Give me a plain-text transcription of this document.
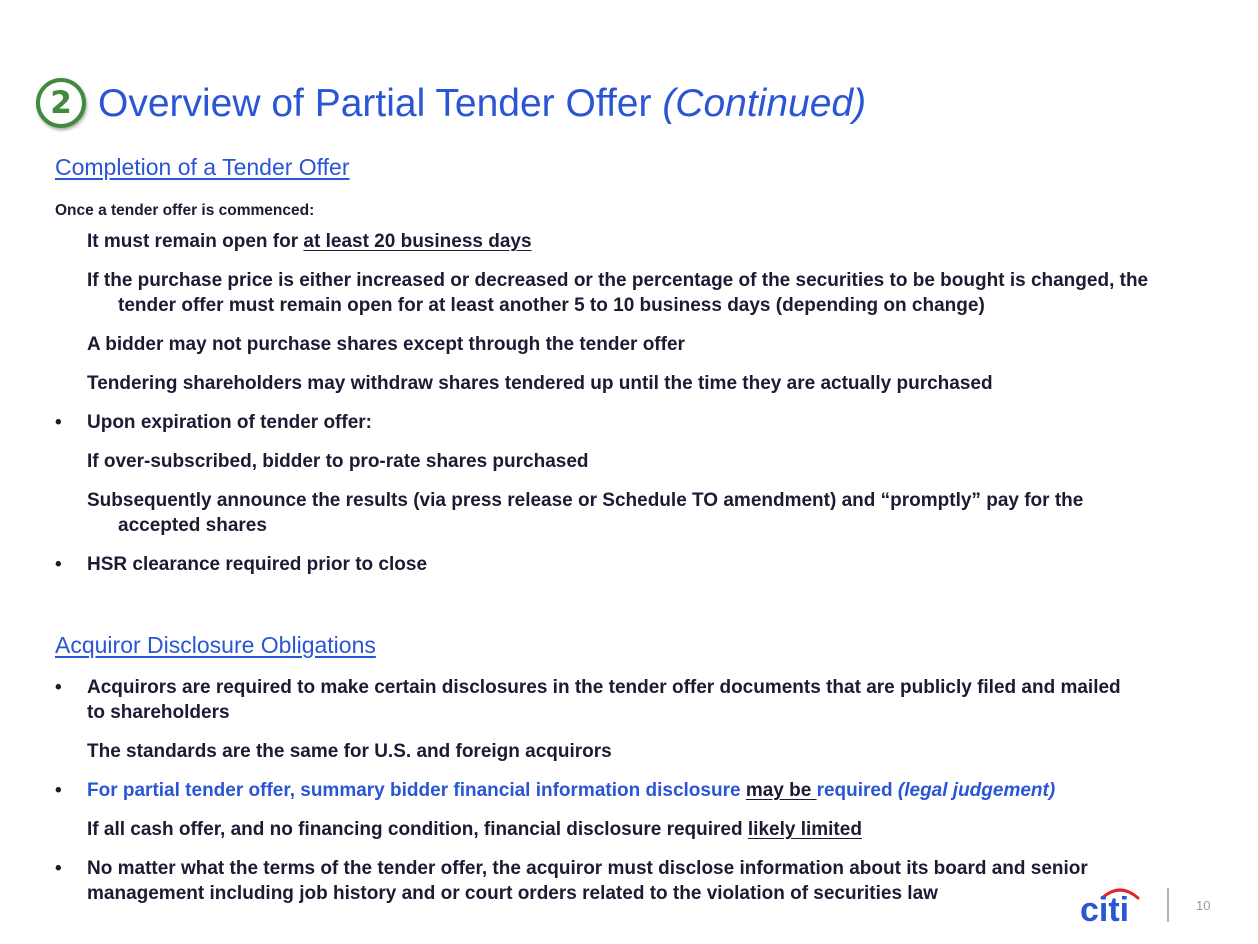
2 Overview of Partial Tender Offer (Continued)
Completion of a Tender Offer

Once a tender offer is commenced:

It must remain open for at least 20 business days
If the purchase price is either increased or decreased or the percentage of the securities to be bought is changed, the
tender offer must remain open for at least another 5 to 10 business days (depending on change)
A bidder may not purchase shares except through the tender offer
Tendering shareholders may withdraw shares tendered up until the time they are actually purchased
• Upon expiration of tender offer:
If over-subscribed, bidder to pro-rate shares purchased
Subsequently announce the results (via press release or Schedule TO amendment) and “promptly” pay for the
accepted shares
• HSR clearance required prior to close
Acquiror Disclosure Obligations
• Acquirors are required to make certain disclosures in the tender offer documents that are publicly filed and mailed
to shareholders
The standards are the same for U.S. and foreign acquirors
• For partial tender offer, summary bidder financial information disclosure may be required (legal judgement)
If all cash offer, and no financing condition, financial disclosure required likely limited
• No matter what the terms of the tender offer, the acquiror must disclose information about its board and senior
management including job history and or court orders related to the violation of securities law	citi	10
